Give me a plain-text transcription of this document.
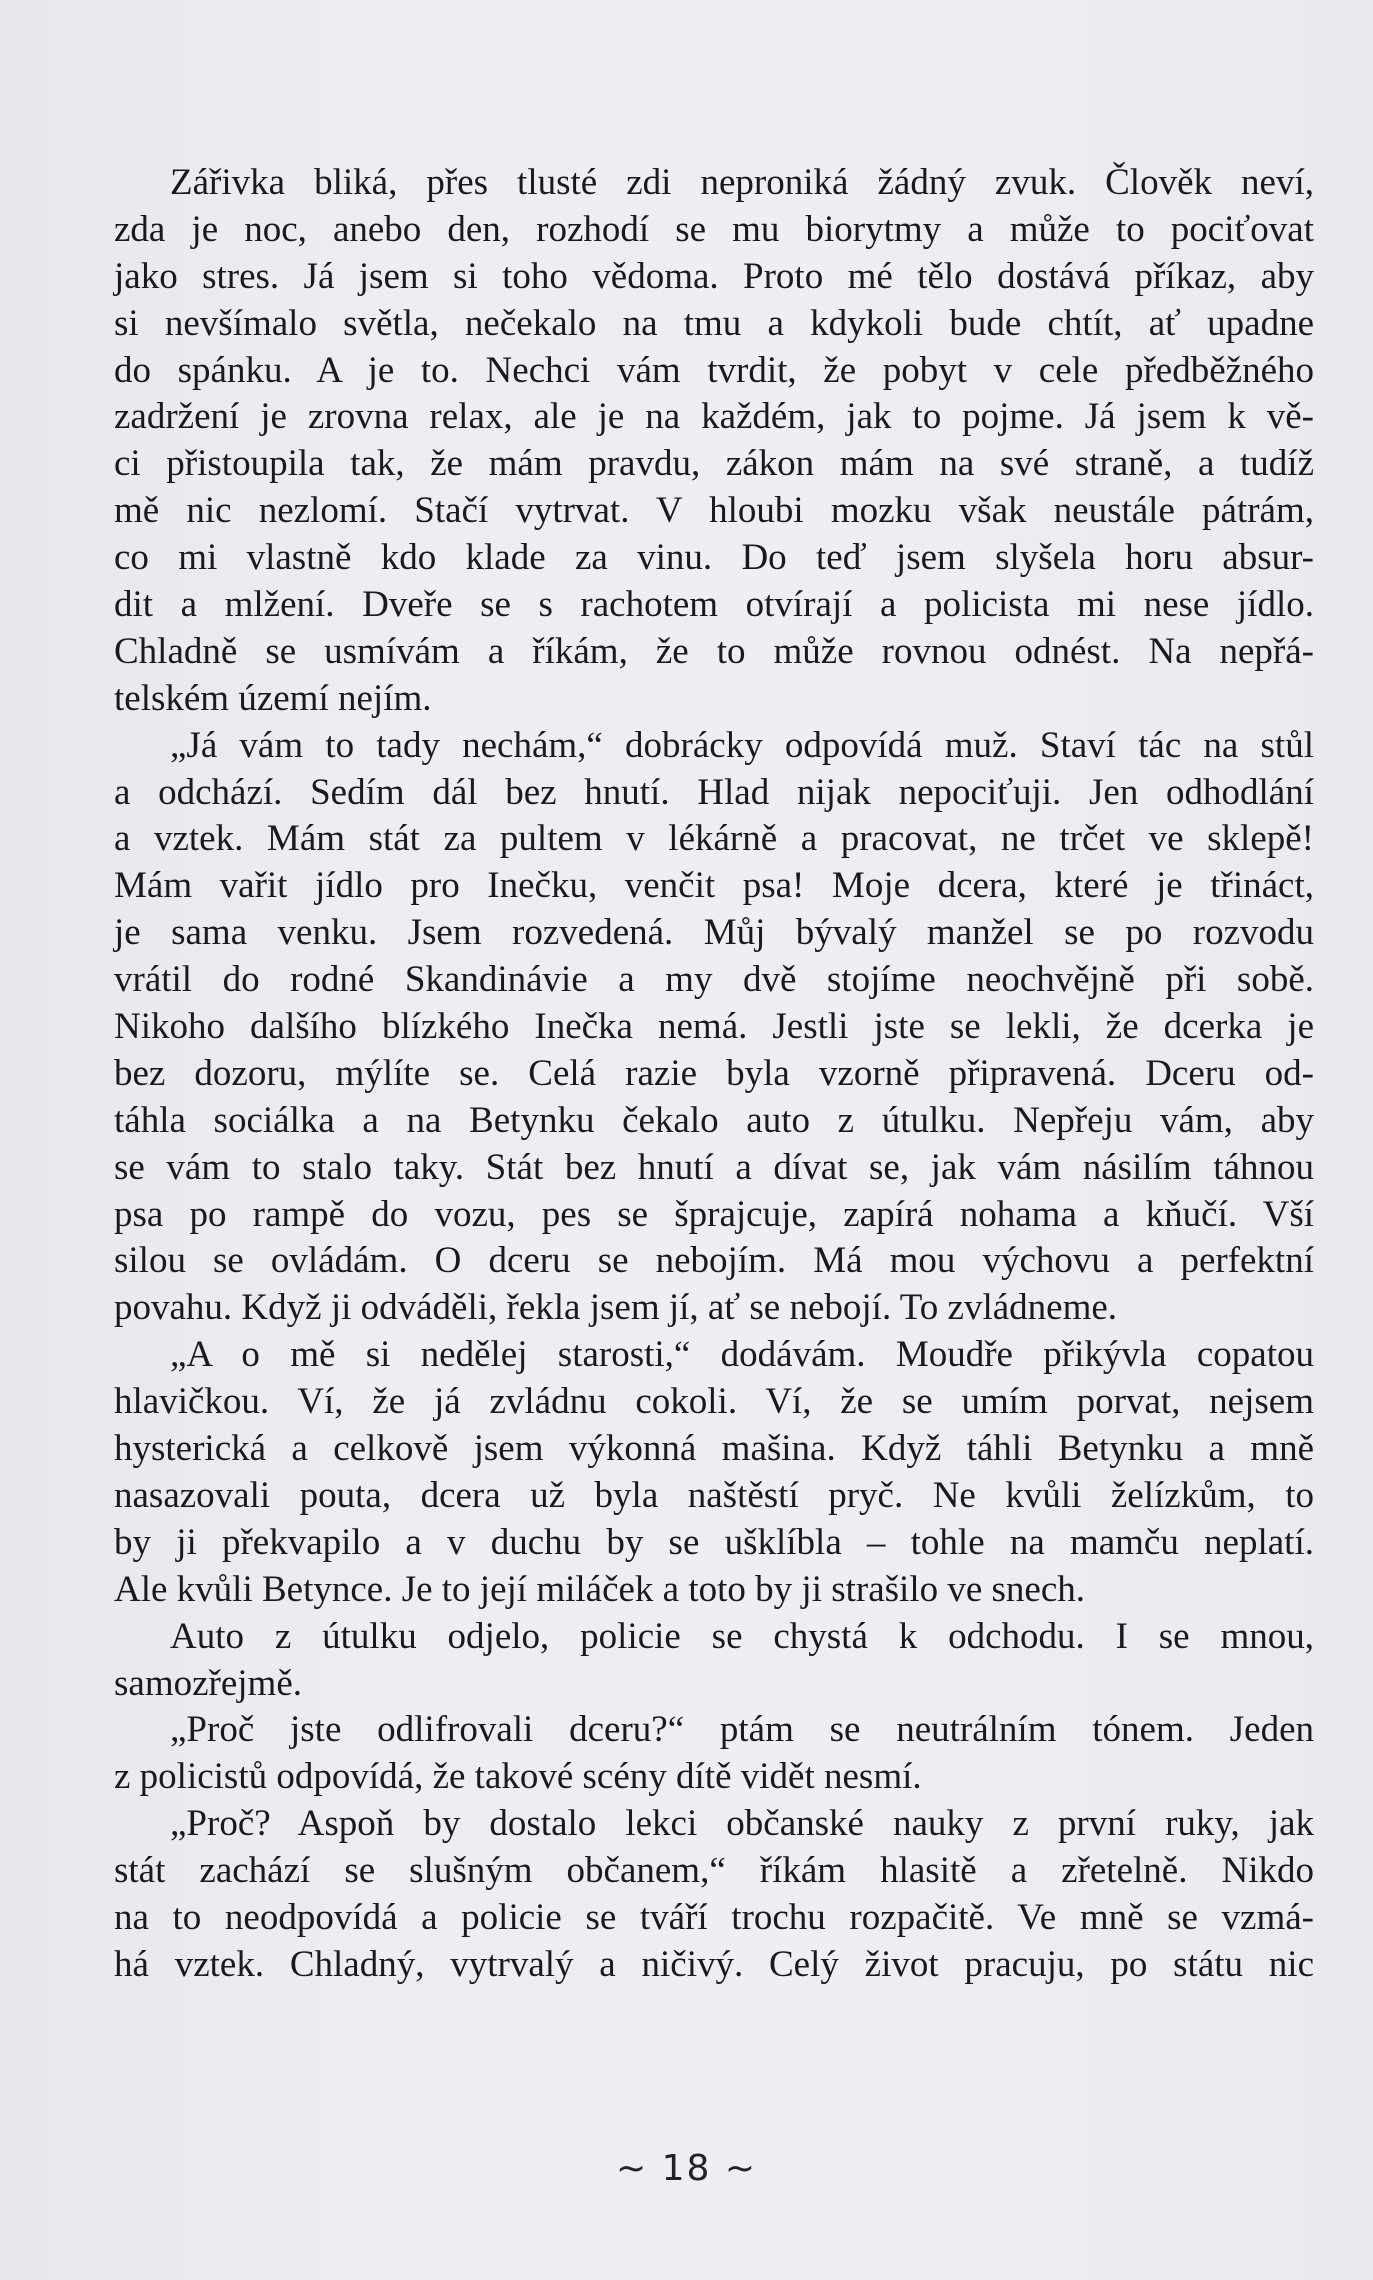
Zářivka bliká, přes tlusté zdi neproniká žádný zvuk. Člověk neví,
zda je noc, anebo den, rozhodí se mu biorytmy a může to pociťovat
jako stres. Já jsem si toho vědoma. Proto mé tělo dostává příkaz, aby
si nevšímalo světla, nečekalo na tmu a kdykoli bude chtít, ať upadne
do spánku. A je to. Nechci vám tvrdit, že pobyt v cele předběžného
zadržení je zrovna relax, ale je na každém, jak to pojme. Já jsem k vě-
ci přistoupila tak, že mám pravdu, zákon mám na své straně, a tudíž
mě nic nezlomí. Stačí vytrvat. V hloubi mozku však neustále pátrám,
co mi vlastně kdo klade za vinu. Do teď jsem slyšela horu absur-
dit a mlžení. Dveře se s rachotem otvírají a policista mi nese jídlo.
Chladně se usmívám a říkám, že to může rovnou odnést. Na nepřá-
telském území nejím.
„Já vám to tady nechám,“ dobrácky odpovídá muž. Staví tác na stůl
a odchází. Sedím dál bez hnutí. Hlad nijak nepociťuji. Jen odhodlání
a vztek. Mám stát za pultem v lékárně a pracovat, ne trčet ve sklepě!
Mám vařit jídlo pro Inečku, venčit psa! Moje dcera, které je třináct,
je sama venku. Jsem rozvedená. Můj bývalý manžel se po rozvodu
vrátil do rodné Skandinávie a my dvě stojíme neochvějně při sobě.
Nikoho dalšího blízkého Inečka nemá. Jestli jste se lekli, že dcerka je
bez dozoru, mýlíte se. Celá razie byla vzorně připravená. Dceru od-
táhla sociálka a na Betynku čekalo auto z útulku. Nepřeju vám, aby
se vám to stalo taky. Stát bez hnutí a dívat se, jak vám násilím táhnou
psa po rampě do vozu, pes se šprajcuje, zapírá nohama a kňučí. Vší
silou se ovládám. O dceru se nebojím. Má mou výchovu a perfektní
povahu. Když ji odváděli, řekla jsem jí, ať se nebojí. To zvládneme.
„A o mě si nedělej starosti,“ dodávám. Moudře přikývla copatou
hlavičkou. Ví, že já zvládnu cokoli. Ví, že se umím porvat, nejsem
hysterická a celkově jsem výkonná mašina. Když táhli Betynku a mně
nasazovali pouta, dcera už byla naštěstí pryč. Ne kvůli želízkům, to
by ji překvapilo a v duchu by se ušklíbla – tohle na mamču neplatí.
Ale kvůli Betynce. Je to její miláček a toto by ji strašilo ve snech.
Auto z útulku odjelo, policie se chystá k odchodu. I se mnou,
samozřejmě.
„Proč jste odlifrovali dceru?“ ptám se neutrálním tónem. Jeden
z policistů odpovídá, že takové scény dítě vidět nesmí.
„Proč? Aspoň by dostalo lekci občanské nauky z první ruky, jak
stát zachází se slušným občanem,“ říkám hlasitě a zřetelně. Nikdo
na to neodpovídá a policie se tváří trochu rozpačitě. Ve mně se vzmá-
há vztek. Chladný, vytrvalý a ničivý. Celý život pracuju, po státu nic
~ 18 ~
